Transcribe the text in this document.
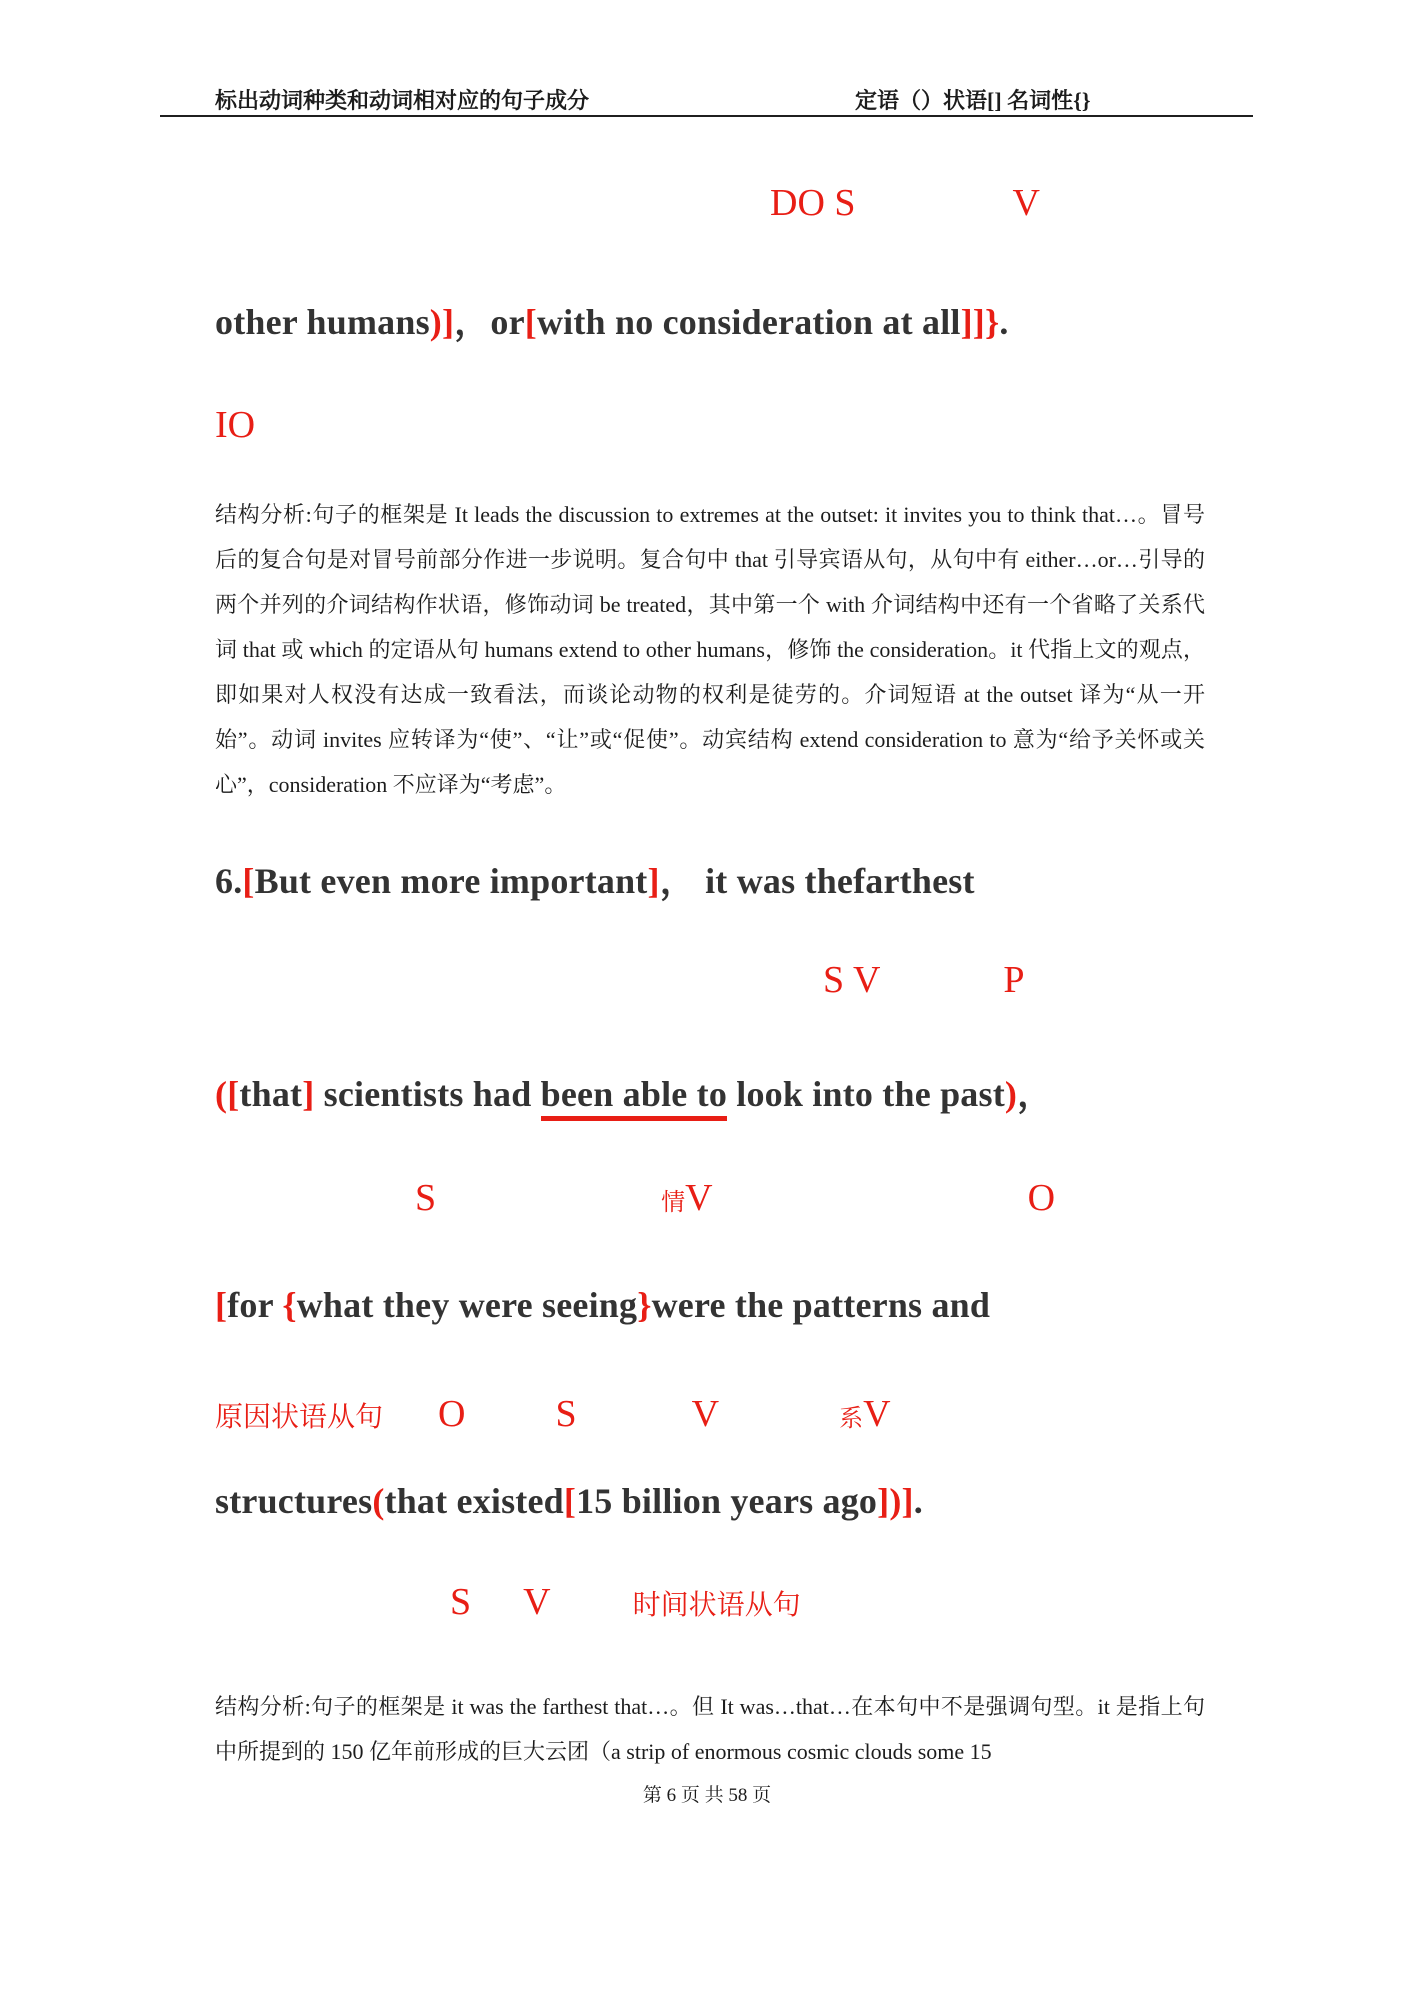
标出动词种类和动词相对应的句子成分	定语（）状语[] 名词性{}
DO S	V
other humans)]，or[with no consideration at all]]}.
IO
结构分析:句子的框架是 It leads the discussion to extremes at the outset: it invites you to think that…。冒号后的复合句是对冒号前部分作进一步说明。复合句中 that 引导宾语从句，从句中有 either…or…引导的两个并列的介词结构作状语，修饰动词 be treated，其中第一个 with 介词结构中还有一个省略了关系代词 that 或 which 的定语从句 humans extend to other humans，修饰 the consideration。it 代指上文的观点，即如果对人权没有达成一致看法，而谈论动物的权利是徒劳的。介词短语 at the outset 译为“从一开始”。动词 invites 应转译为“使”、“让”或“促使”。动宾结构 extend consideration to 意为“给予关怀或关心”，consideration 不应译为“考虑”。
6.[But even more important]， it was thefarthest
S V	P
([that] scientists had been able to look into the past)，
S	情V	O
[for {what they were seeing}were the patterns and
原因状语从句 O S	V	系V
structures(that existed[15 billion years ago])].
S V	时间状语从句
结构分析:句子的框架是 it was the farthest that…。但 It was…that…在本句中不是强调句型。it 是指上句中所提到的 150 亿年前形成的巨大云团（a strip of enormous cosmic clouds some 15
第 6 页 共 58 页
